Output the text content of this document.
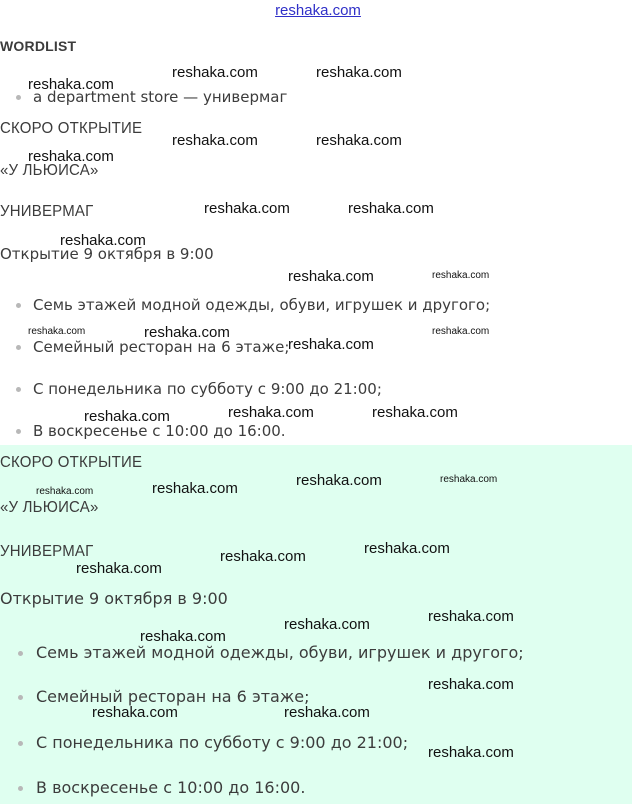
reshaka.com
WORDLIST
a department store — универмаг
СКОРО ОТКРЫТИЕ
«У ЛЬЮИСА»
УНИВЕРМАГ
Открытие 9 октября в 9:00
Семь этажей модной одежды, обуви, игрушек и другого;
Семейный ресторан на 6 этаже;
С понедельника по субботу с 9:00 до 21:00;
В воскресенье с 10:00 до 16:00.
СКОРО ОТКРЫТИЕ
«У ЛЬЮИСА»
УНИВЕРМАГ
Открытие 9 октября в 9:00
Семь этажей модной одежды, обуви, игрушек и другого;
Семейный ресторан на 6 этаже;
С понедельника по субботу с 9:00 до 21:00;
В воскресенье с 10:00 до 16:00.
reshaka.com
reshaka.com	reshaka.com
reshaka.com	reshaka.com
reshaka.com
reshaka.com	reshaka.com
reshaka.com
reshaka.com	reshaka.com
reshaka.com	reshaka.com
reshaka.com
reshaka.com
reshaka.com	reshaka.com	reshaka.com
reshaka.com	reshaka.com	reshaka.com	reshaka.com
reshaka.com	reshaka.com
reshaka.com
reshaka.com
reshaka.com
reshaka.com
reshaka.com
reshaka.com	reshaka.com
reshaka.com
